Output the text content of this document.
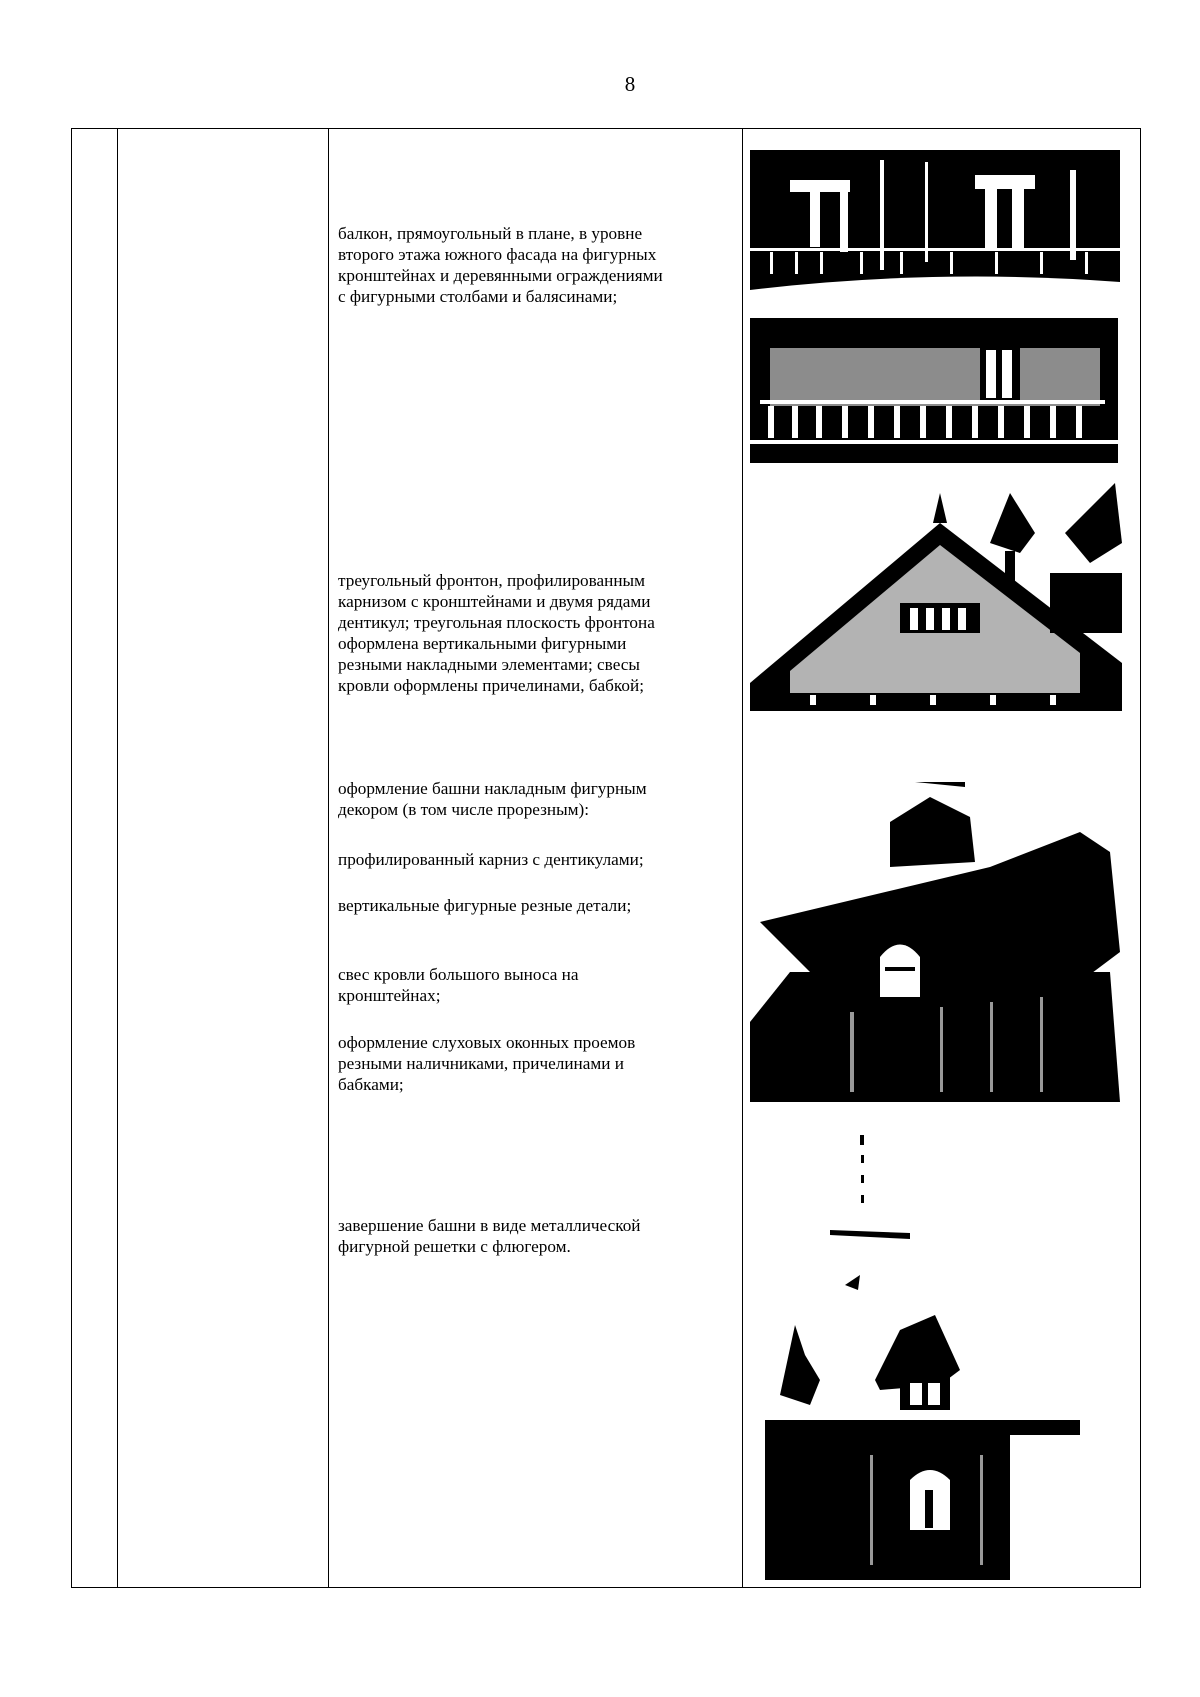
8

балкон, прямоугольный в плане, в уровне

второго этажа южного фасада на фигурных

кронштейнах и деревянными ограждениями

с фигурными столбами и балясинами;

треугольный фронтон, профилированным

карнизом с кронштейнами и двумя рядами

дентикул; треугольная плоскость фронтона

оформлена вертикальными фигурными

резными накладными элементами; свесы

кровли оформлены причелинами, бабкой;

оформление башни накладным фигурным

декором (в том числе прорезным):

профилированный карниз с дентикулами;

вертикальные фигурные резные детали;

свес кровли большого выноса на

кронштейнах;

оформление слуховых оконных проемов

резными наличниками, причелинами и

бабками;

завершение башни в виде металлической

фигурной решетки с флюгером.
